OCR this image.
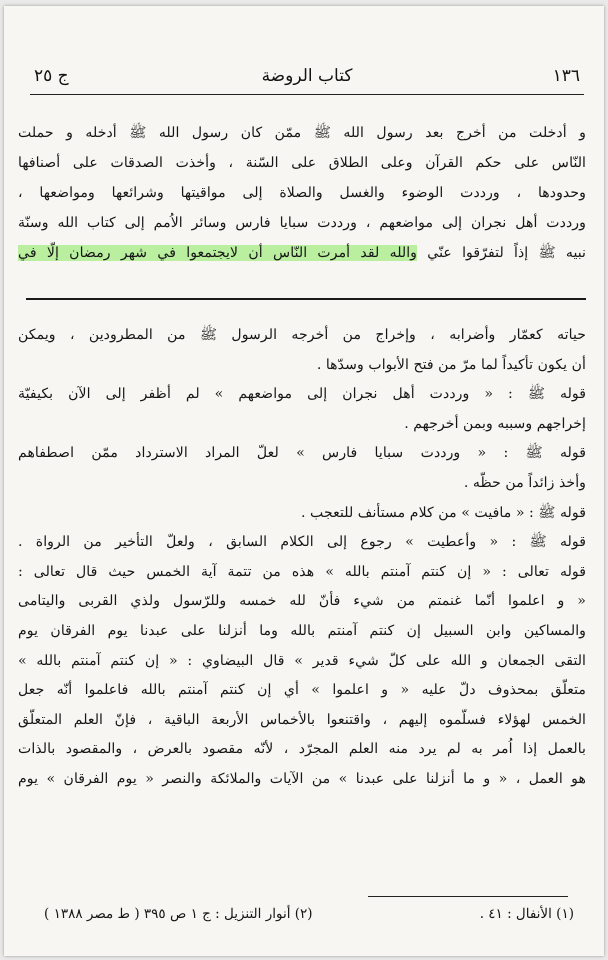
١٣٦
كتاب الروضة
ج ٢٥
و أدخلت من أخرج بعد رسول الله ﷺ ممّن كان رسول الله ﷺ أدخله و حملت
النّاس على حكم القرآن وعلى الطلاق على السّنة ، وأخذت الصدقات على أصنافها
وحدودها ، ورددت الوضوء والغسل والصلاة إلى مواقيتها وشرائعها ومواضعها ،
ورددت أهل نجران إلى مواضعهم ، ورددت سبايا فارس وسائر الاُمم إلى كتاب الله وسنّة
نبيه ﷺ إذاً لتفرّقوا عنّي والله لقد أمرت النّاس أن لايجتمعوا في شهر رمضان إلّا في
حياته كعمّار وأضرابه ، وإخراج من أخرجه الرسول ﷺ من المطرودين ، ويمكن
أن يكون تأكيداً لما مرّ من فتح الأبواب وسدّها .
قوله ﷺ : « ورددت أهل نجران إلى مواضعهم » لم أظفر إلى الآن بكيفيّة
إخراجهم وسببه وبمن أخرجهم .
قوله ﷺ : « ورددت سبايا فارس » لعلّ المراد الاسترداد ممّن اصطفاهم
وأخذ زائداً من حظّه .
قوله ﷺ : « مافيت » من كلام مستأنف للتعجب .
قوله ﷺ : « وأعطيت » رجوع إلى الكلام السابق ، ولعلّ التأخير من الرواة .
قوله تعالى : « إن كنتم آمنتم بالله » هذه من تتمة آية الخمس حيث قال تعالى :
« و اعلموا أنّما غنمتم من شيء فأنّ لله خمسه وللرّسول ولذي القربى واليتامى
والمساكين وابن السبيل إن كنتم آمنتم بالله وما أنزلنا على عبدنا يوم الفرقان يوم
التقى الجمعان و الله على كلّ شيء قدير » قال البيضاوي : « إن كنتم آمنتم بالله »
متعلّق بمحذوف دلّ عليه « و اعلموا » أي إن كنتم آمنتم بالله فاعلموا أنّه جعل
الخمس لهؤلاء فسلّموه إليهم ، واقتنعوا بالأخماس الأربعة الباقية ، فإنّ العلم المتعلّق
بالعمل إذا اُمر به لم يرد منه العلم المجرّد ، لأنّه مقصود بالعرض ، والمقصود بالذات
هو العمل ، « و ما أنزلنا على عبدنا » من الآيات والملائكة والنصر « يوم الفرقان » يوم
(١) الأنفال : ٤١ .
(٢) أنوار التنزيل : ج ١ ص ٣٩٥ ( ط مصر ١٣٨٨ )
